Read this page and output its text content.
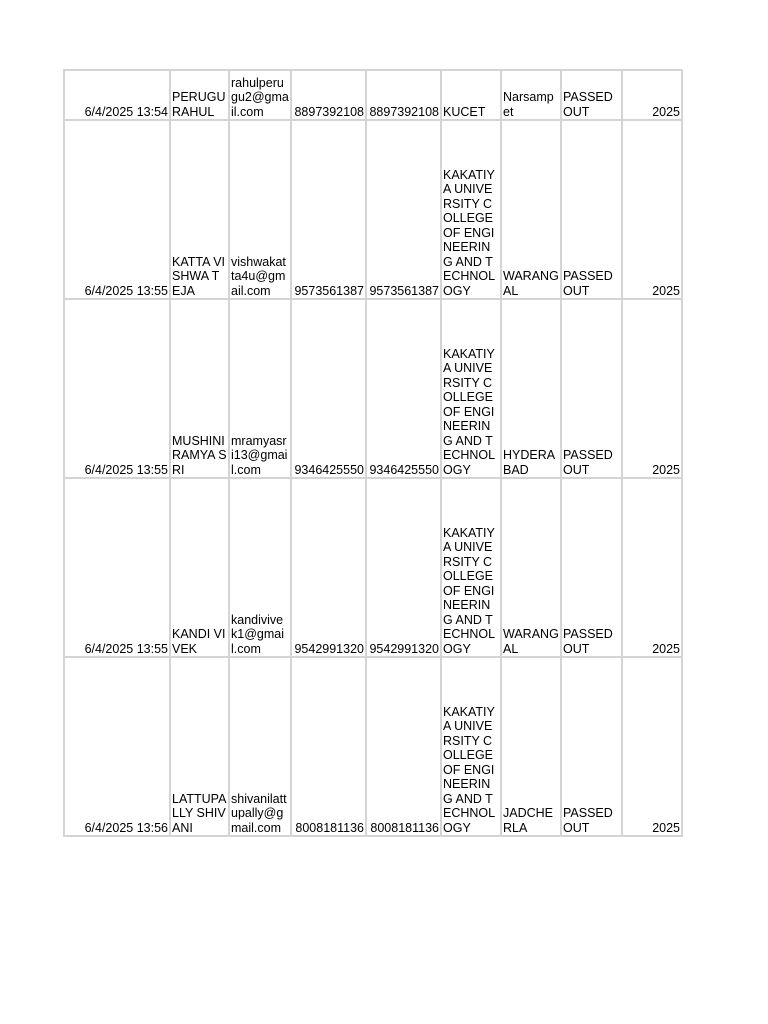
6/4/2025 13:54	PERUGU RAHUL	rahulperugu2@gmail.com	8897392108	8897392108	KUCET	Narsampet	PASSED OUT	2025
6/4/2025 13:55	KATTA VISHWA TEJA	vishwakatta4u@gmail.com	9573561387	9573561387	KAKATIYA UNIVERSITY COLLEGE OF ENGINEERING AND TECHNOLOGY	WARANGAL	PASSED OUT	2025
6/4/2025 13:55	MUSHINI RAMYA SRI	mramyasri13@gmail.com	9346425550	9346425550	KAKATIYA UNIVERSITY COLLEGE OF ENGINEERING AND TECHNOLOGY	HYDERABAD	PASSED OUT	2025
6/4/2025 13:55	KANDI VIVEK	kandivivek1@gmail.com	9542991320	9542991320	KAKATIYA UNIVERSITY COLLEGE OF ENGINEERING AND TECHNOLOGY	WARANGAL	PASSED OUT	2025
6/4/2025 13:56	LATTUPALLY SHIVANI	shivanilattupally@gmail.com	8008181136	8008181136	KAKATIYA UNIVERSITY COLLEGE OF ENGINEERING AND TECHNOLOGY	JADCHERLA	PASSED OUT	2025
